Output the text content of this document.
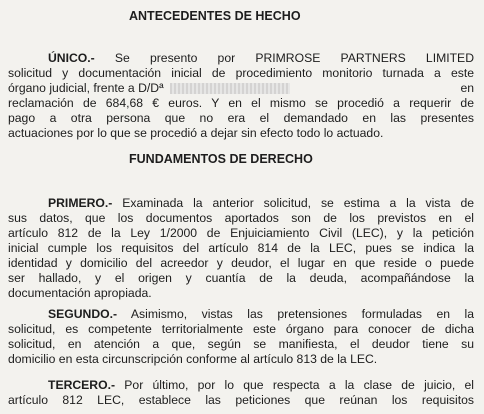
ANTECEDENTES DE HECHO
ÚNICO.- Se presento por PRIMROSE PARTNERS LIMITED
solicitud y documentación inicial de procedimiento monitorio turnada a este
órgano judicial, frente a D/Dª	en
reclamación de 684,68 € euros. Y en el mismo se procedió a requerir de
pago a otra persona que no era el demandado en las presentes
actuaciones por lo que se procedió a dejar sin efecto todo lo actuado.
FUNDAMENTOS DE DERECHO
PRIMERO.- Examinada la anterior solicitud, se estima a la vista de
sus datos, que los documentos aportados son de los previstos en el
artículo 812 de la Ley 1/2000 de Enjuiciamiento Civil (LEC), y la petición
inicial cumple los requisitos del artículo 814 de la LEC, pues se indica la
identidad y domicilio del acreedor y deudor, el lugar en que reside o puede
ser hallado, y el origen y cuantía de la deuda, acompañándose la
documentación apropiada.
SEGUNDO.- Asimismo, vistas las pretensiones formuladas en la
solicitud, es competente territorialmente este órgano para conocer de dicha
solicitud, en atención a que, según se manifiesta, el deudor tiene su
domicilio en esta circunscripción conforme al artículo 813 de la LEC.
TERCERO.- Por último, por lo que respecta a la clase de juicio, el
artículo 812 LEC, establece las peticiones que reúnan los requisitos
